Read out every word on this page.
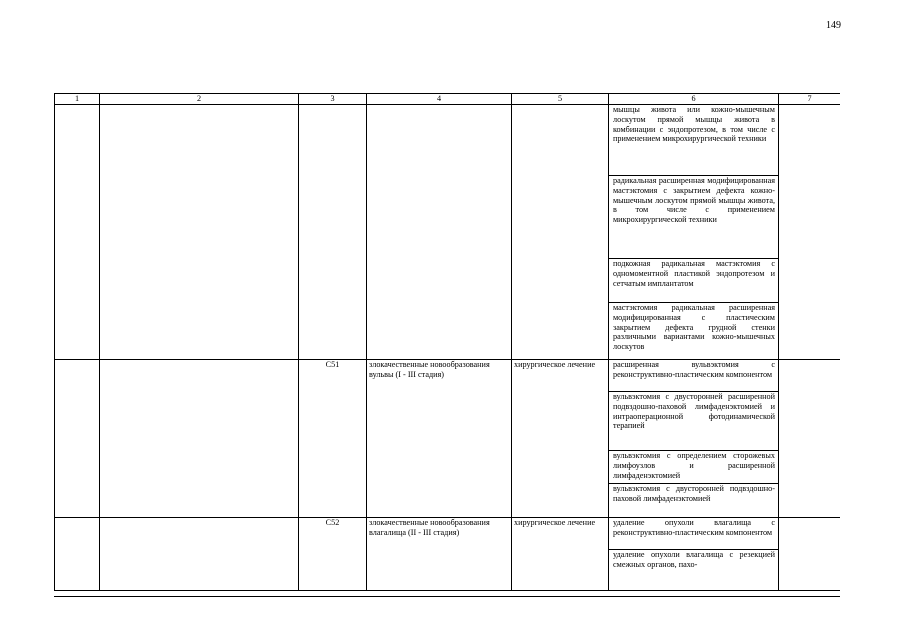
149
1	2	3	4	5	6	7
					мышцы живота или кожно-мышечным лоскутом прямой мышцы живота в комбинации с эндопротезом, в том числе с применением микрохирургической техники	
					радикальная расширенная модифицированная мастэктомия с закрытием дефекта кожно-мышечным лоскутом прямой мышцы живота, в том числе с применением микрохирургической техники	
					подкожная радикальная мастэктомия с одномоментной пластикой эндопротезом и сетчатым имплантатом	
					мастэктомия радикальная расширенная модифицированная с пластическим закрытием дефекта грудной стенки различными вариантами кожно-мышечных лоскутов	
		C51	злокачественные новообразования вульвы (I - III стадия)	хирургическое лечение	расширенная вульвэктомия с реконструктивно-пластическим компонентом	
					вульвэктомия с двусторонней расширенной подвздошно-паховой лимфаденэктомией и интраоперационной фотодинамической терапией	
					вульвэктомия с определением сторожевых лимфоузлов и расширенной лимфаденэктомией	
					вульвэктомия с двусторонней подвздошно-паховой лимфаденэктомией	
		C52	злокачественные новообразования влагалища (II - III стадия)	хирургическое лечение	удаление опухоли влагалища с реконструктивно-пластическим компонентом	
					удаление опухоли влагалища с резекцией смежных органов, пахо-	
